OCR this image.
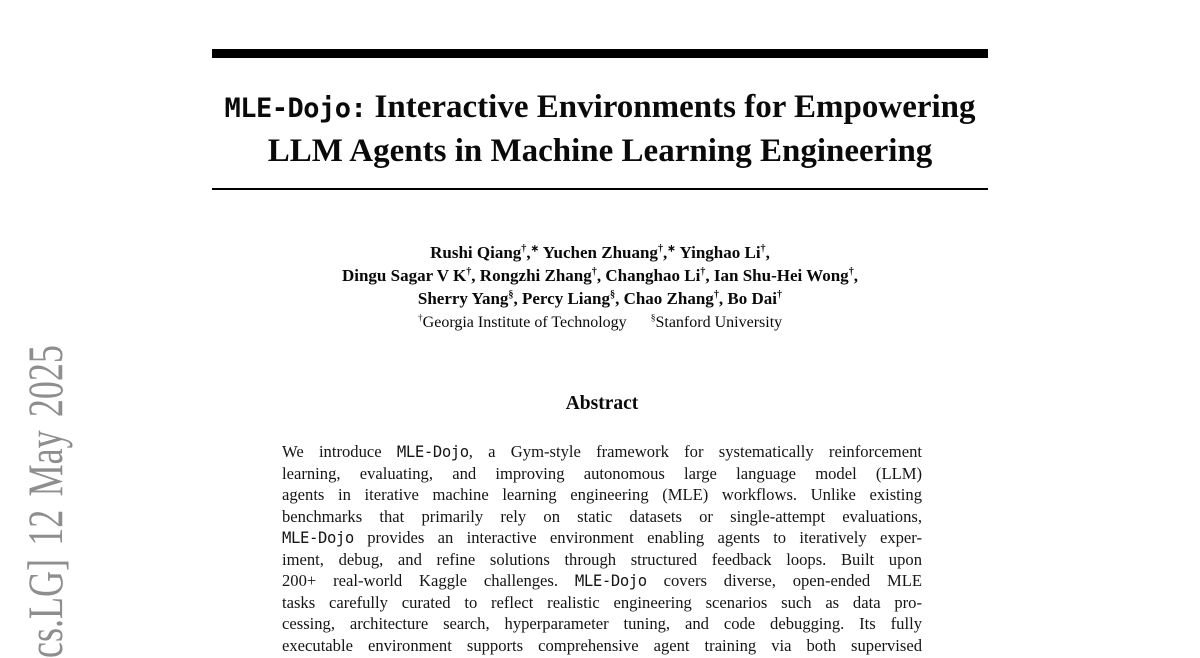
cs.LG] 12 May 2025
MLE-Dojo: Interactive Environments for Empowering
LLM Agents in Machine Learning Engineering
Rushi Qiang†,∗ Yuchen Zhuang†,∗ Yinghao Li†,
Dingu Sagar V K†, Rongzhi Zhang†, Changhao Li†, Ian Shu-Hei Wong†,
Sherry Yang§, Percy Liang§, Chao Zhang†, Bo Dai†
†Georgia Institute of Technology  §Stanford University
Abstract
We introduce MLE-Dojo, a Gym-style framework for systematically reinforcement
learning, evaluating, and improving autonomous large language model (LLM)
agents in iterative machine learning engineering (MLE) workflows. Unlike existing
benchmarks that primarily rely on static datasets or single-attempt evaluations,
MLE-Dojo provides an interactive environment enabling agents to iteratively exper-
iment, debug, and refine solutions through structured feedback loops. Built upon
200+ real-world Kaggle challenges. MLE-Dojo covers diverse, open-ended MLE
tasks carefully curated to reflect realistic engineering scenarios such as data pro-
cessing, architecture search, hyperparameter tuning, and code debugging. Its fully
executable environment supports comprehensive agent training via both supervised
